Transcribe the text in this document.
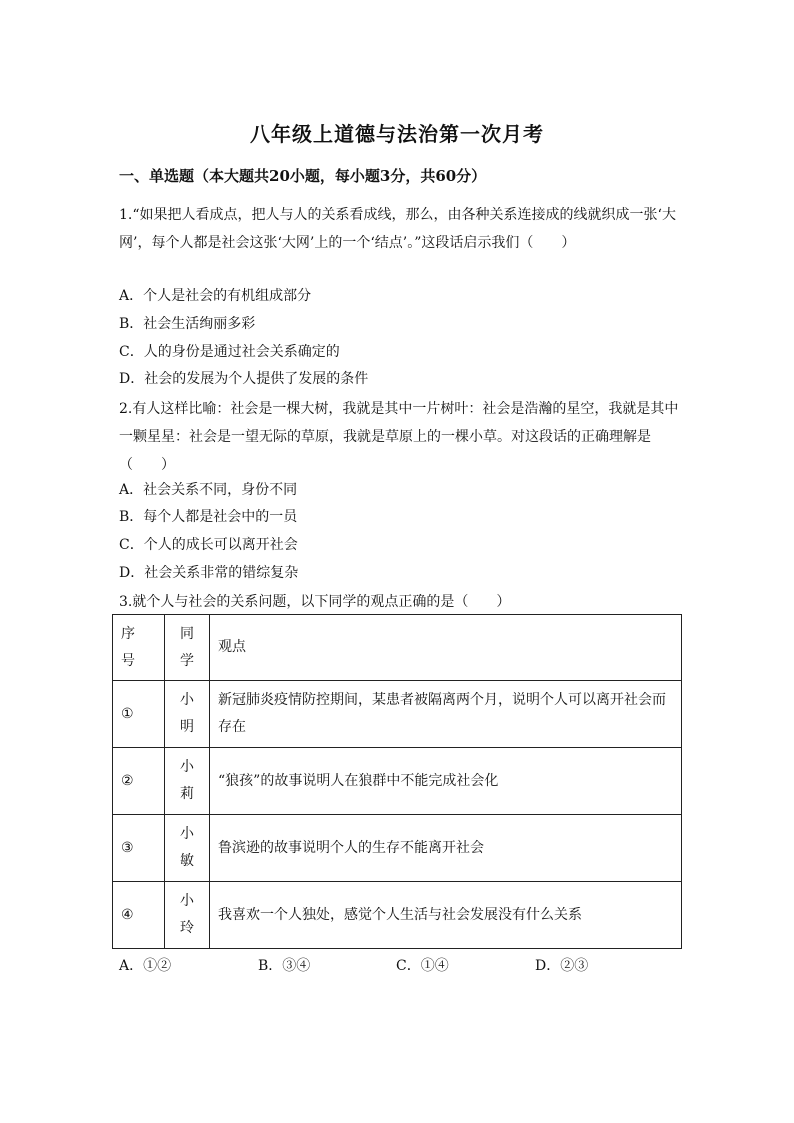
八年级上道德与法治第一次月考
一、单选题（本大题共20小题，每小题3分，共60分）
1.“如果把人看成点，把人与人的关系看成线，那么，由各种关系连接成的线就织成一张‘大网’，每个人都是社会这张‘大网’上的一个‘结点’。”这段话启示我们（　　）
A．个人是社会的有机组成部分
B．社会生活绚丽多彩
C．人的身份是通过社会关系确定的
D．社会的发展为个人提供了发展的条件
2.有人这样比喻：社会是一棵大树，我就是其中一片树叶：社会是浩瀚的星空，我就是其中一颗星星：社会是一望无际的草原，我就是草原上的一棵小草。对这段话的正确理解是（　　）
A．社会关系不同，身份不同
B．每个人都是社会中的一员
C．个人的成长可以离开社会
D．社会关系非常的错综复杂
3.就个人与社会的关系问题，以下同学的观点正确的是（　　）
序号	同学	观点
①	小明	新冠肺炎疫情防控期间，某患者被隔离两个月，说明个人可以离开社会而存在
②	小莉	“狼孩”的故事说明人在狼群中不能完成社会化
③	小敏	鲁滨逊的故事说明个人的生存不能离开社会
④	小玲	我喜欢一个人独处，感觉个人生活与社会发展没有什么关系
A．①②	B．③④	C．①④	D．②③
